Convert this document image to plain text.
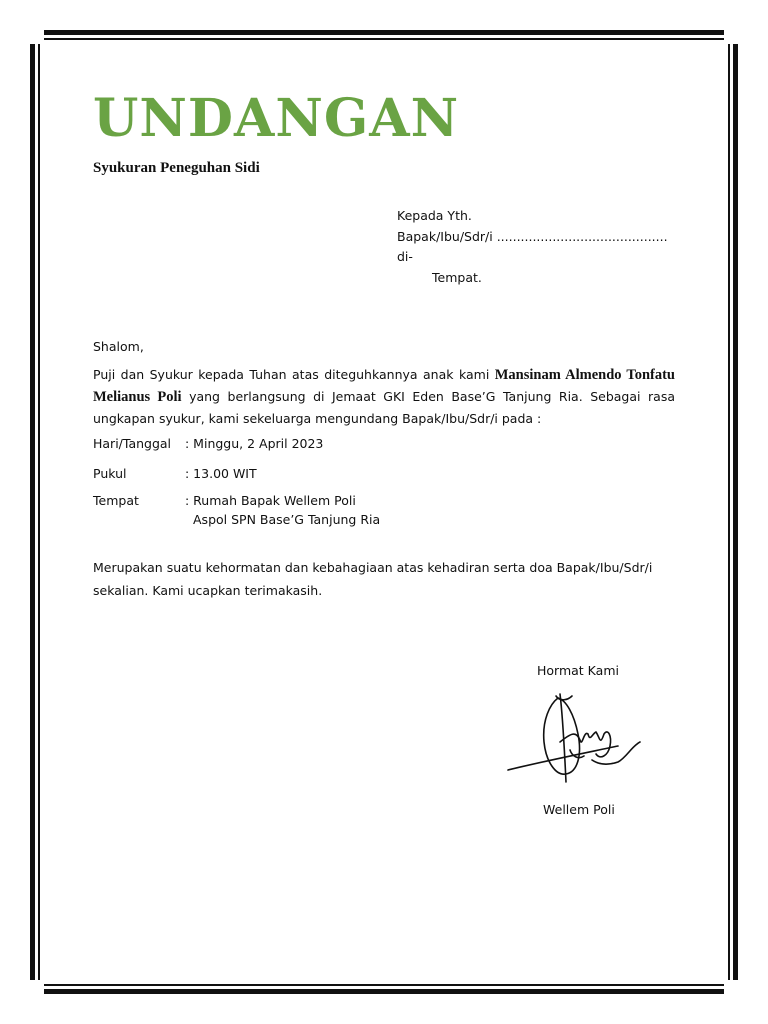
UNDANGAN

Syukuran Peneguhan Sidi

Kepada Yth.
Bapak/Ibu/Sdr/i ...........................................
di-
Tempat.

Shalom,

Puji dan Syukur kepada Tuhan atas diteguhkannya anak kami Mansinam Almendo Tonfatu Melianus Poli yang berlangsung di Jemaat GKI Eden Base’G Tanjung Ria. Sebagai rasa ungkapan syukur, kami sekeluarga mengundang Bapak/Ibu/Sdr/i pada :

Hari/Tanggal	: Minggu, 2 April 2023
Pukul	: 13.00 WIT
Tempat	: Rumah Bapak Wellem Poli
Aspol SPN Base’G Tanjung Ria

Merupakan suatu kehormatan dan kebahagiaan atas kehadiran serta doa Bapak/Ibu/Sdr/i sekalian. Kami ucapkan terimakasih.

Hormat Kami
Wellem Poli
